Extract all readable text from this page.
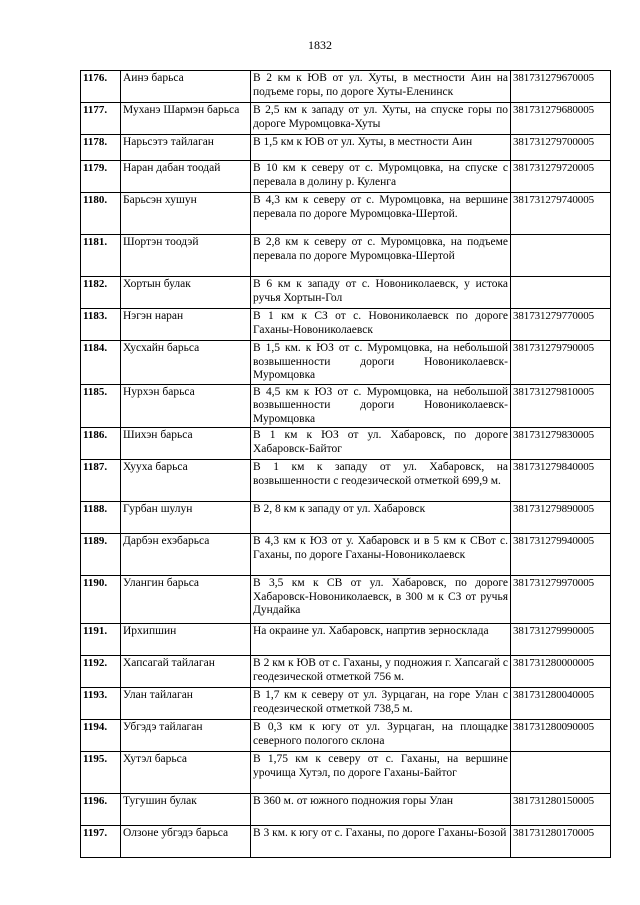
1832
1176.	Аинэ барьса	В 2 км к ЮВ от ул. Хуты, в местности Аин на подъеме горы, по дороге Хуты-Еленинск	381731279670005
1177.	Муханэ Шармэн барьса	В 2,5 км к западу от ул. Хуты, на спуске горы по дороге Муромцовка-Хуты	381731279680005
1178.	Нарьсэтэ тайлаган	В 1,5 км к ЮВ от ул. Хуты, в местности Аин	381731279700005
1179.	Наран дабан тоодай	В 10 км к северу от с. Муромцовка, на спуске с перевала в долину р. Куленга	381731279720005
1180.	Барьсэн хушун	В 4,3 км к северу от с. Муромцовка, на вершине перевала по дороге Муромцовка-Шертой.	381731279740005
1181.	Шортэн тоодэй	В 2,8 км к северу от с. Муромцовка, на подъеме перевала по дороге Муромцовка-Шертой	
1182.	Хортын булак	В 6 км к западу от с. Новониколаевск, у истока ручья Хортын-Гол	
1183.	Нэгэн наран	В 1 км к СЗ от с. Новониколаевск по дороге Гаханы-Новониколаевск	381731279770005
1184.	Хусхайн барьса	В 1,5 км. к ЮЗ от с. Муромцовка, на небольшой возвышенности дороги Новониколаевск-Муромцовка	381731279790005
1185.	Нурхэн барьса	В 4,5 км к ЮЗ от с. Муромцовка, на небольшой возвышенности дороги Новониколаевск-Муромцовка	381731279810005
1186.	Шихэн барьса	В 1 км к ЮЗ от ул. Хабаровск, по дороге Хабаровск-Байтог	381731279830005
1187.	Хууха барьса	В 1 км к западу от ул. Хабаровск, на возвышенности с геодезической отметкой 699,9 м.	381731279840005
1188.	Гурбан шулун	В 2, 8 км к западу от ул. Хабаровск	381731279890005
1189.	Дарбэн ехэбарьса	В 4,3 км к ЮЗ от у. Хабаровск и в 5 км к СВот с. Гаханы, по дороге Гаханы-Новониколаевск	381731279940005
1190.	Улангин барьса	В 3,5 км к СВ от ул. Хабаровск, по дороге Хабаровск-Новониколаевск, в 300 м к СЗ от ручья Дундайка	381731279970005
1191.	Ирхипшин	На окраине ул. Хабаровск, напртив зерносклада	381731279990005
1192.	Хапсагай тайлаган	В 2 км к ЮВ от с. Гаханы, у подножия г. Хапсагай с геодезической отметкой 756 м.	381731280000005
1193.	Улан тайлаган	В 1,7 км к северу от ул. Зурцаган, на горе Улан с геодезической отметкой 738,5 м.	381731280040005
1194.	Убгэдэ тайлаган	В 0,3 км к югу от ул. Зурцаган, на площадке северного пологого склона	381731280090005
1195.	Хутэл барьса	В 1,75 км к северу от с. Гаханы, на вершине урочища Хутэл, по дороге Гаханы-Байтог	
1196.	Тугушин булак	В 360 м. от южного подножия горы Улан	381731280150005
1197.	Олзоне убгэдэ барьса	В 3 км. к югу от с. Гаханы, по дороге Гаханы-Бозой	381731280170005
